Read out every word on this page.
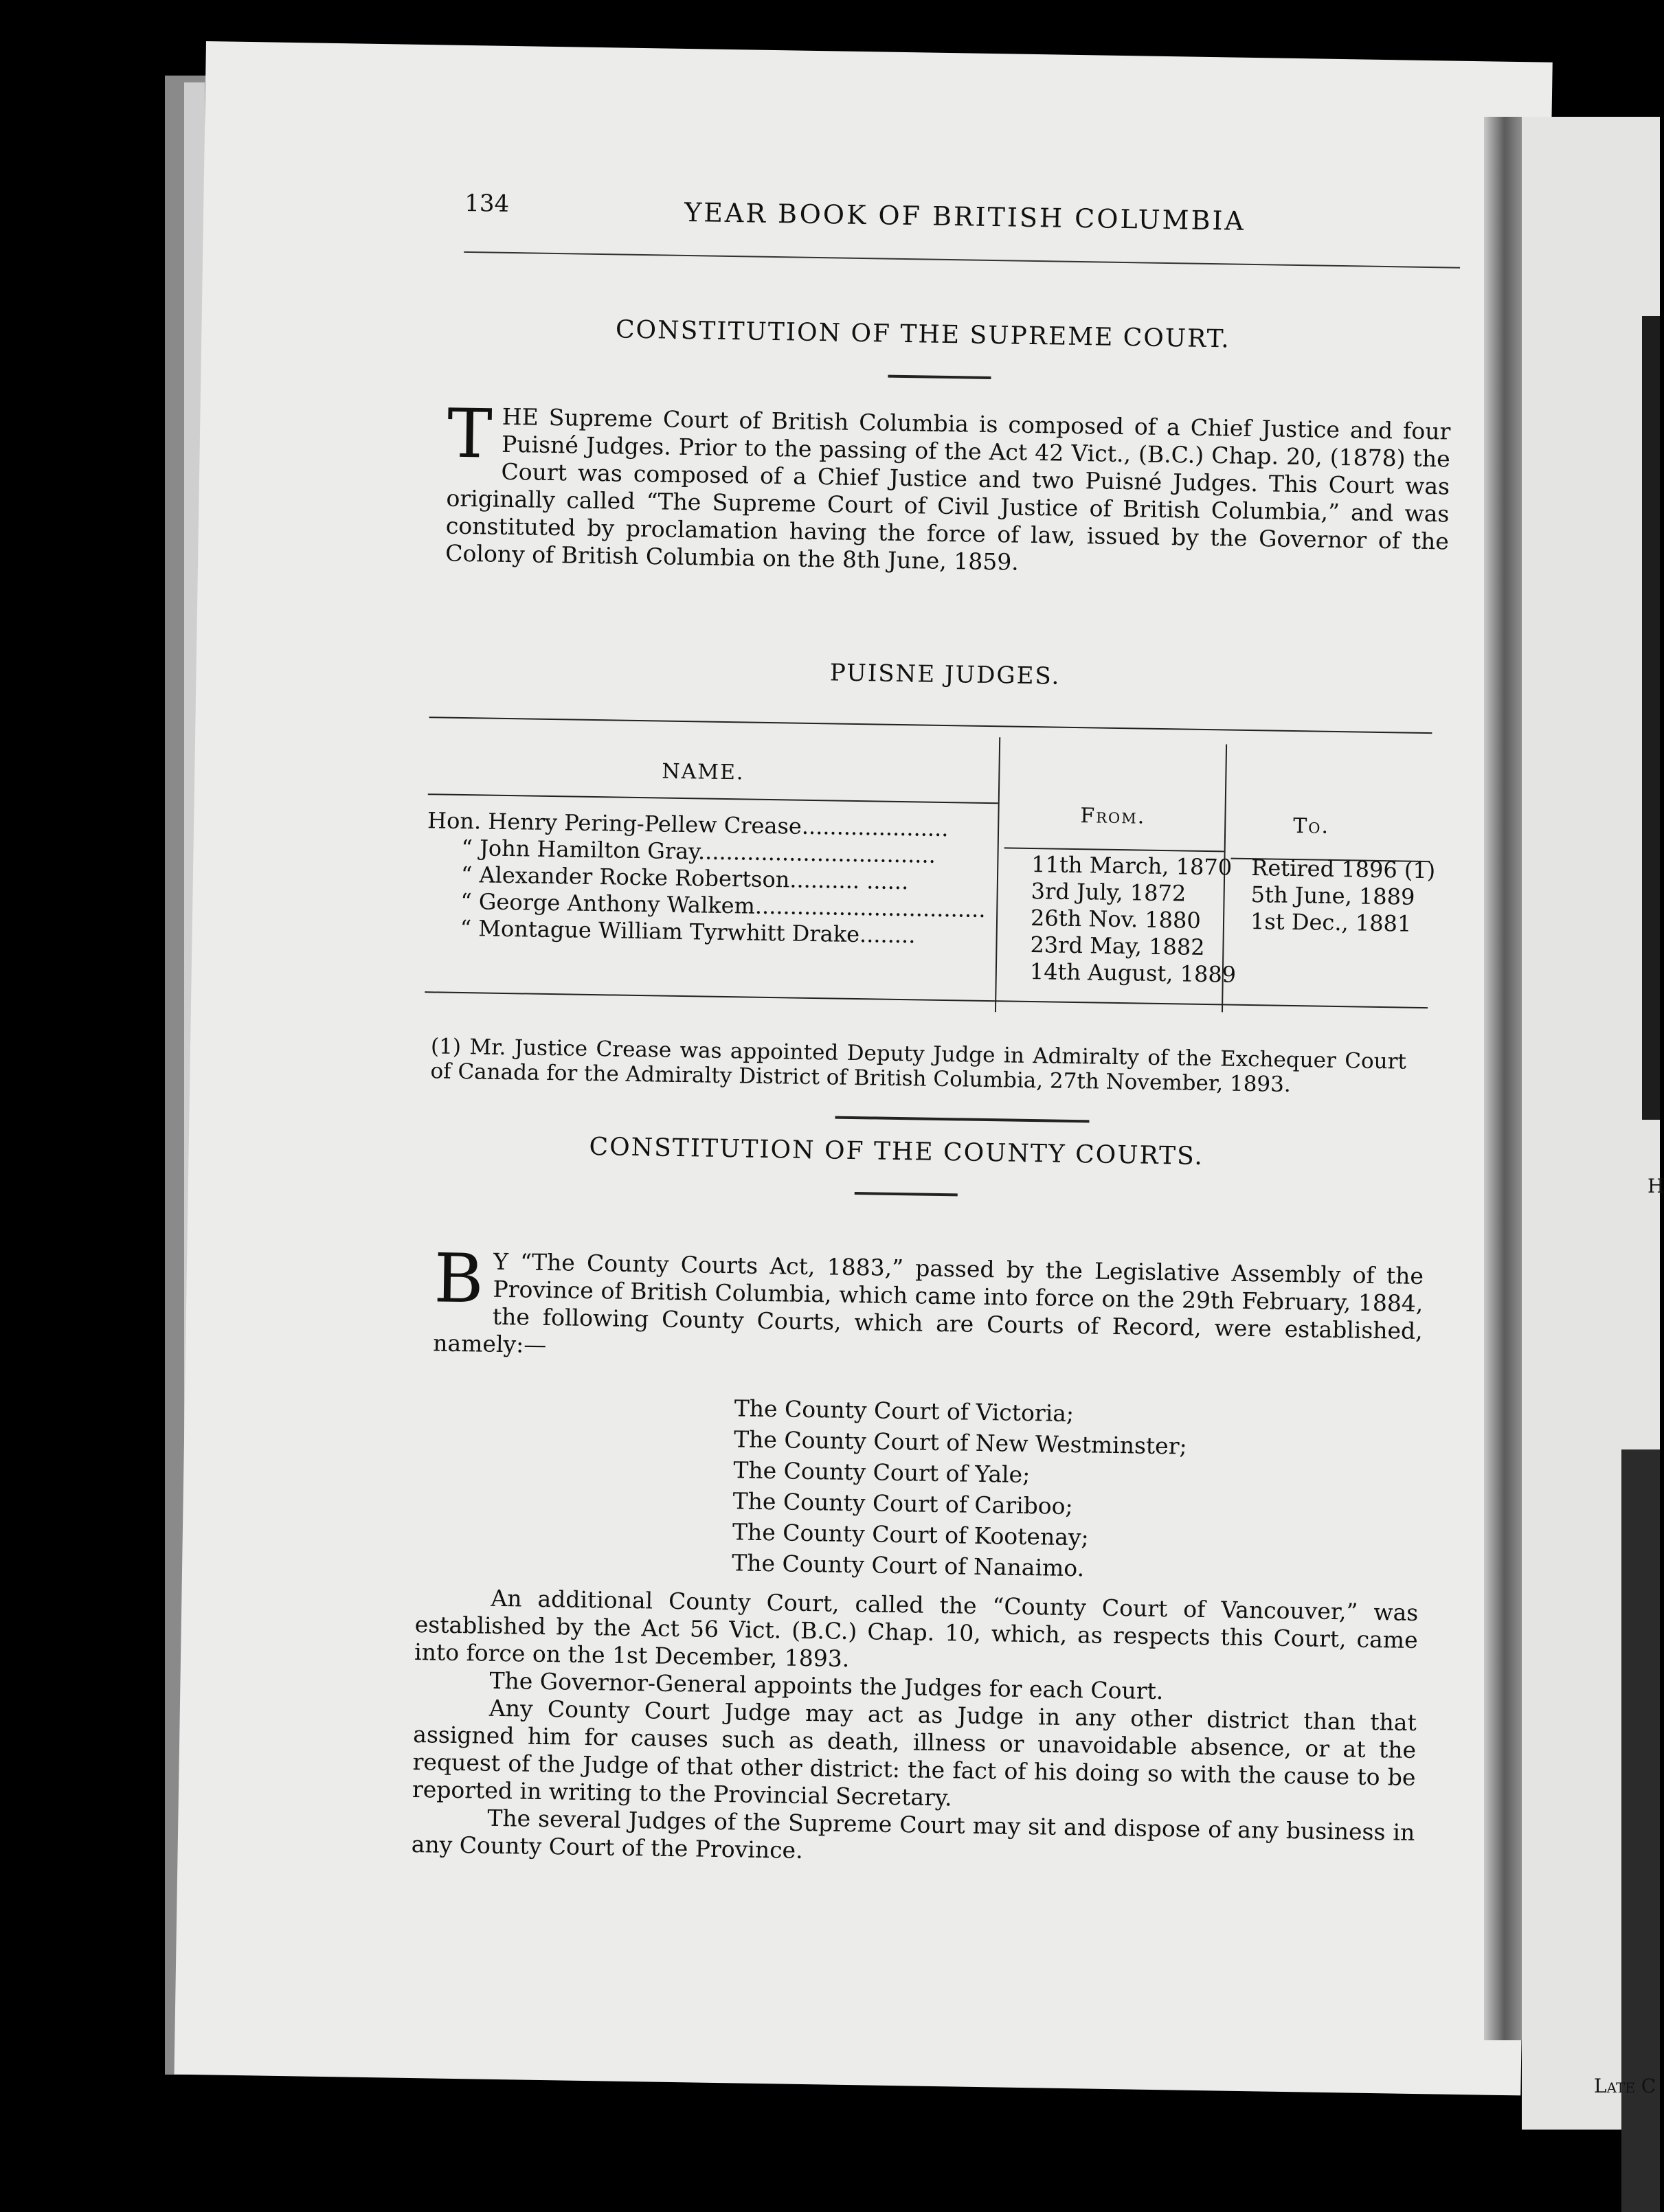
134	YEAR BOOK OF BRITISH COLUMBIA
CONSTITUTION OF THE SUPREME COURT.
T HE Supreme Court of British Columbia is composed of a Chief Justice and four Puisné Judges. Prior to the passing of the Act 42 Vict., (B.C.) Chap. 20, (1878) the Court was composed of a Chief Justice and two Puisné Judges. This Court was originally called “The Supreme Court of Civil Justice of British Columbia,” and was constituted by proclamation having the force of law, issued by the Governor of the Colony of British Columbia on the 8th June, 1859.
PUISNE JUDGES.
NAME.
From.	To.
Hon. Henry Pering-Pellew Crease.....................
“ John Hamilton Gray..................................
“ Alexander Rocke Robertson.......... ......
“ George Anthony Walkem.................................
“ Montague William Tyrwhitt Drake........
11th March, 1870
3rd July, 1872
26th Nov. 1880
23rd May, 1882
14th August, 1889
Retired 1896 (1)
5th June, 1889
1st Dec., 1881
(1) Mr. Justice Crease was appointed Deputy Judge in Admiralty of the Exchequer Court of Canada for the Admiralty District of British Columbia, 27th November, 1893.
CONSTITUTION OF THE COUNTY COURTS.
B Y “The County Courts Act, 1883,” passed by the Legislative Assembly of the Province of British Columbia, which came into force on the 29th February, 1884, the following County Courts, which are Courts of Record, were established, namely:—
The County Court of Victoria;
The County Court of New Westminster;
The County Court of Yale;
The County Court of Cariboo;
The County Court of Kootenay;
The County Court of Nanaimo.
An additional County Court, called the “County Court of Vancouver,” was established by the Act 56 Vict. (B.C.) Chap. 10, which, as respects this Court, came into force on the 1st December, 1893.
The Governor-General appoints the Judges for each Court.
Any County Court Judge may act as Judge in any other district than that assigned him for causes such as death, illness or unavoidable absence, or at the request of the Judge of that other district: the fact of his doing so with the cause to be reported in writing to the Provincial Secretary.
The several Judges of the Supreme Court may sit and dispose of any business in any County Court of the Province.
H
Late C
